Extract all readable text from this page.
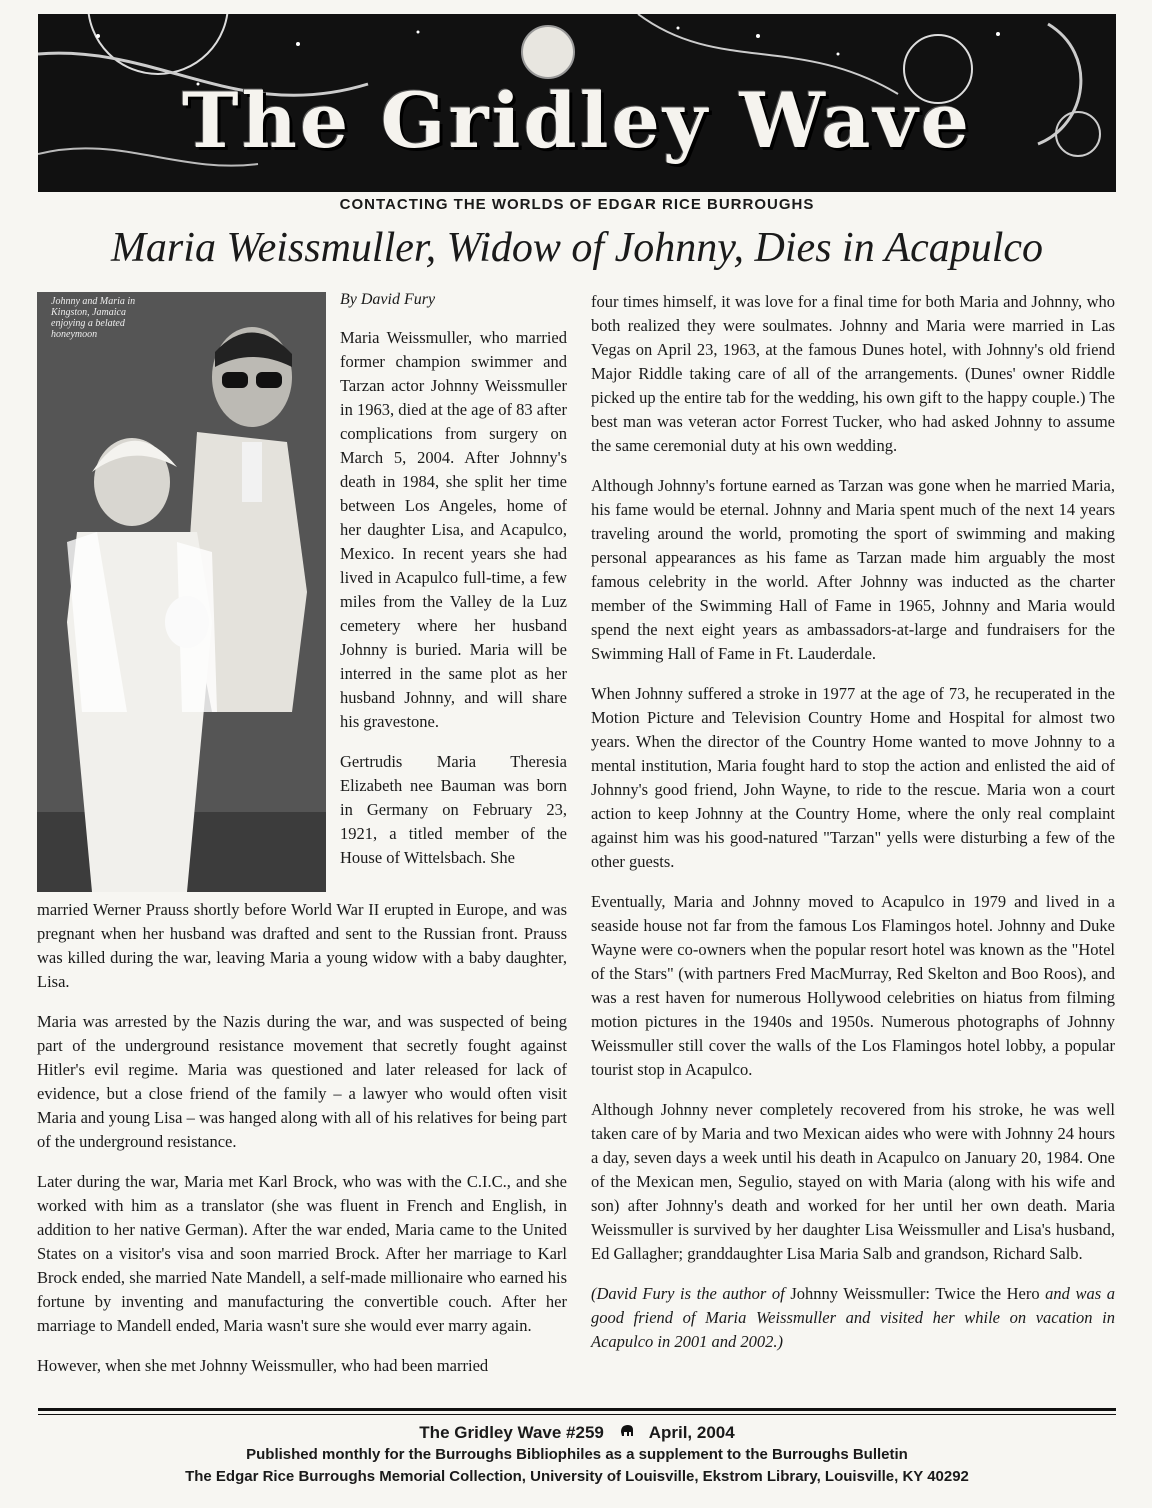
The Gridley Wave
CONTACTING THE WORLDS OF EDGAR RICE BURROUGHS
Maria Weissmuller, Widow of Johnny, Dies in Acapulco
Johnny and Maria in Kingston, Jamaica enjoying a belated honeymoon

By David Fury

Maria Weissmuller, who married former champion swimmer and Tarzan actor Johnny Weissmuller in 1963, died at the age of 83 after complications from surgery on March 5, 2004. After Johnny's death in 1984, she split her time between Los Angeles, home of her daughter Lisa, and Acapulco, Mexico. In recent years she had lived in Acapulco full-time, a few miles from the Valley de la Luz cemetery where her husband Johnny is buried. Maria will be interred in the same plot as her husband Johnny, and will share his gravestone.

Gertrudis Maria Theresia Elizabeth nee Bauman was born in Germany on February 23, 1921, a titled member of the House of Wittelsbach. She

married Werner Prauss shortly before World War II erupted in Europe, and was pregnant when her husband was drafted and sent to the Russian front. Prauss was killed during the war, leaving Maria a young widow with a baby daughter, Lisa.

Maria was arrested by the Nazis during the war, and was suspected of being part of the underground resistance movement that secretly fought against Hitler's evil regime. Maria was questioned and later released for lack of evidence, but a close friend of the family – a lawyer who would often visit Maria and young Lisa – was hanged along with all of his relatives for being part of the underground resistance.

Later during the war, Maria met Karl Brock, who was with the C.I.C., and she worked with him as a translator (she was fluent in French and English, in addition to her native German). After the war ended, Maria came to the United States on a visitor's visa and soon married Brock. After her marriage to Karl Brock ended, she married Nate Mandell, a self-made millionaire who earned his fortune by inventing and manufacturing the convertible couch. After her marriage to Mandell ended, Maria wasn't sure she would ever marry again.

However, when she met Johnny Weissmuller, who had been married

four times himself, it was love for a final time for both Maria and Johnny, who both realized they were soulmates. Johnny and Maria were married in Las Vegas on April 23, 1963, at the famous Dunes hotel, with Johnny's old friend Major Riddle taking care of all of the arrangements. (Dunes' owner Riddle picked up the entire tab for the wedding, his own gift to the happy couple.) The best man was veteran actor Forrest Tucker, who had asked Johnny to assume the same ceremonial duty at his own wedding.

Although Johnny's fortune earned as Tarzan was gone when he married Maria, his fame would be eternal. Johnny and Maria spent much of the next 14 years traveling around the world, promoting the sport of swimming and making personal appearances as his fame as Tarzan made him arguably the most famous celebrity in the world. After Johnny was inducted as the charter member of the Swimming Hall of Fame in 1965, Johnny and Maria would spend the next eight years as ambassadors-at-large and fundraisers for the Swimming Hall of Fame in Ft. Lauderdale.

When Johnny suffered a stroke in 1977 at the age of 73, he recuperated in the Motion Picture and Television Country Home and Hospital for almost two years. When the director of the Country Home wanted to move Johnny to a mental institution, Maria fought hard to stop the action and enlisted the aid of Johnny's good friend, John Wayne, to ride to the rescue. Maria won a court action to keep Johnny at the Country Home, where the only real complaint against him was his good-natured "Tarzan" yells were disturbing a few of the other guests.

Eventually, Maria and Johnny moved to Acapulco in 1979 and lived in a seaside house not far from the famous Los Flamingos hotel. Johnny and Duke Wayne were co-owners when the popular resort hotel was known as the "Hotel of the Stars" (with partners Fred MacMurray, Red Skelton and Boo Roos), and was a rest haven for numerous Hollywood celebrities on hiatus from filming motion pictures in the 1940s and 1950s. Numerous photographs of Johnny Weissmuller still cover the walls of the Los Flamingos hotel lobby, a popular tourist stop in Acapulco.

Although Johnny never completely recovered from his stroke, he was well taken care of by Maria and two Mexican aides who were with Johnny 24 hours a day, seven days a week until his death in Acapulco on January 20, 1984. One of the Mexican men, Segulio, stayed on with Maria (along with his wife and son) after Johnny's death and worked for her until her own death. Maria Weissmuller is survived by her daughter Lisa Weissmuller and Lisa's husband, Ed Gallagher; granddaughter Lisa Maria Salb and grandson, Richard Salb.

(David Fury is the author of Johnny Weissmuller: Twice the Hero and was a good friend of Maria Weissmuller and visited her while on vacation in Acapulco in 2001 and 2002.)

The Gridley Wave #259	April, 2004
Published monthly for the Burroughs Bibliophiles as a supplement to the Burroughs Bulletin
The Edgar Rice Burroughs Memorial Collection, University of Louisville, Ekstrom Library, Louisville, KY 40292
